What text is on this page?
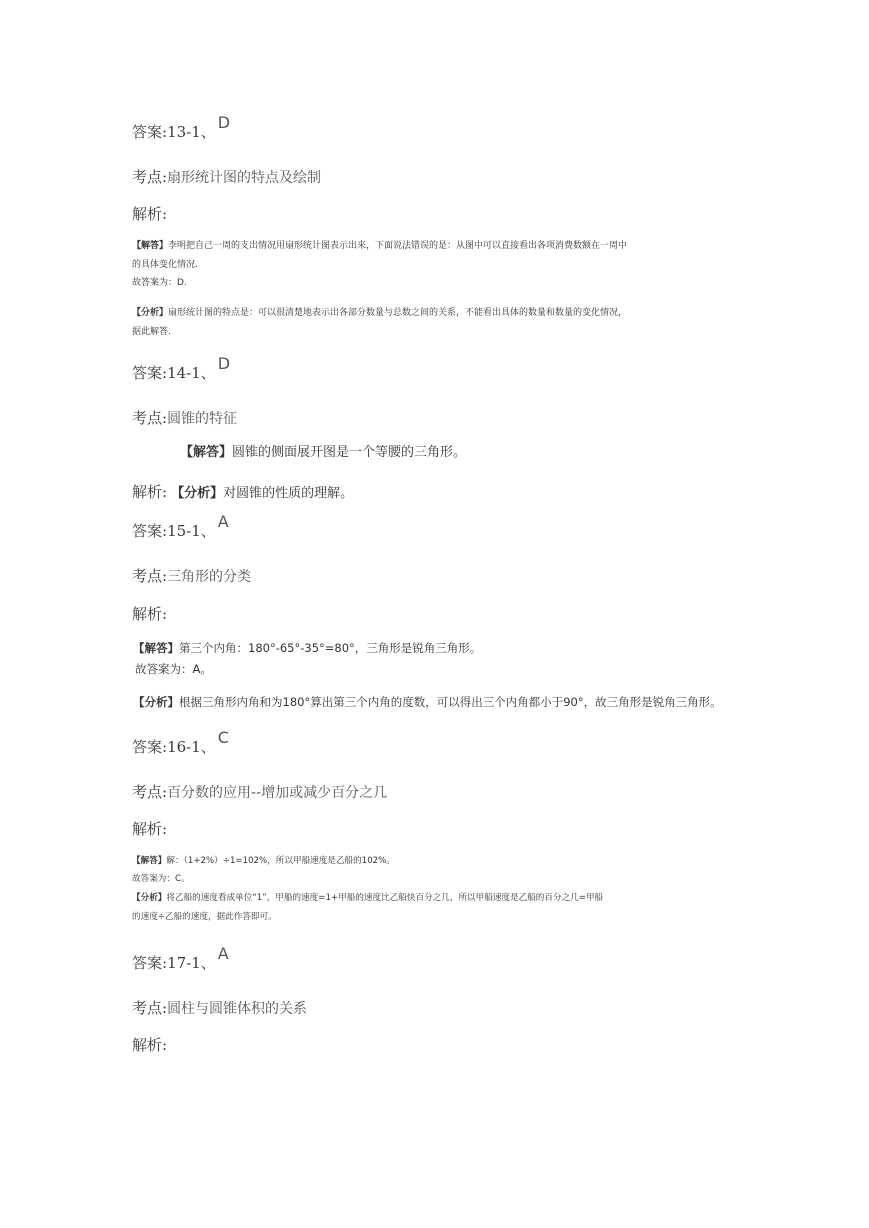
答案:13-1、 D
考点:扇形统计图的特点及绘制
解析:
【解答】李明把自己一周的支出情况用扇形统计图表示出来，下面说法错误的是：从图中可以直接看出各项消费数额在一周中
的具体变化情况.
故答案为：D.
【分析】扇形统计图的特点是：可以很清楚地表示出各部分数量与总数之间的关系，不能看出具体的数量和数量的变化情况，
据此解答.
答案:14-1、 D
考点:圆锥的特征
【解答】圆锥的侧面展开图是一个等腰的三角形。
解析: 【分析】对圆锥的性质的理解。
答案:15-1、 A
考点:三角形的分类
解析:
【解答】第三个内角：180°-65°-35°=80°，三角形是锐角三角形。
故答案为：A。
【分析】根据三角形内角和为180°算出第三个内角的度数，可以得出三个内角都小于90°，故三角形是锐角三角形。
答案:16-1、 C
考点:百分数的应用--增加或减少百分之几
解析:
【解答】解：（1+2%）÷1=102%，所以甲船速度是乙船的102%。
故答案为：C。
【分析】将乙船的速度看成单位“1”，甲船的速度=1+甲船的速度比乙船快百分之几，所以甲船速度是乙船的百分之几=甲船
的速度÷乙船的速度，据此作答即可。
答案:17-1、 A
考点:圆柱与圆锥体积的关系
解析:
